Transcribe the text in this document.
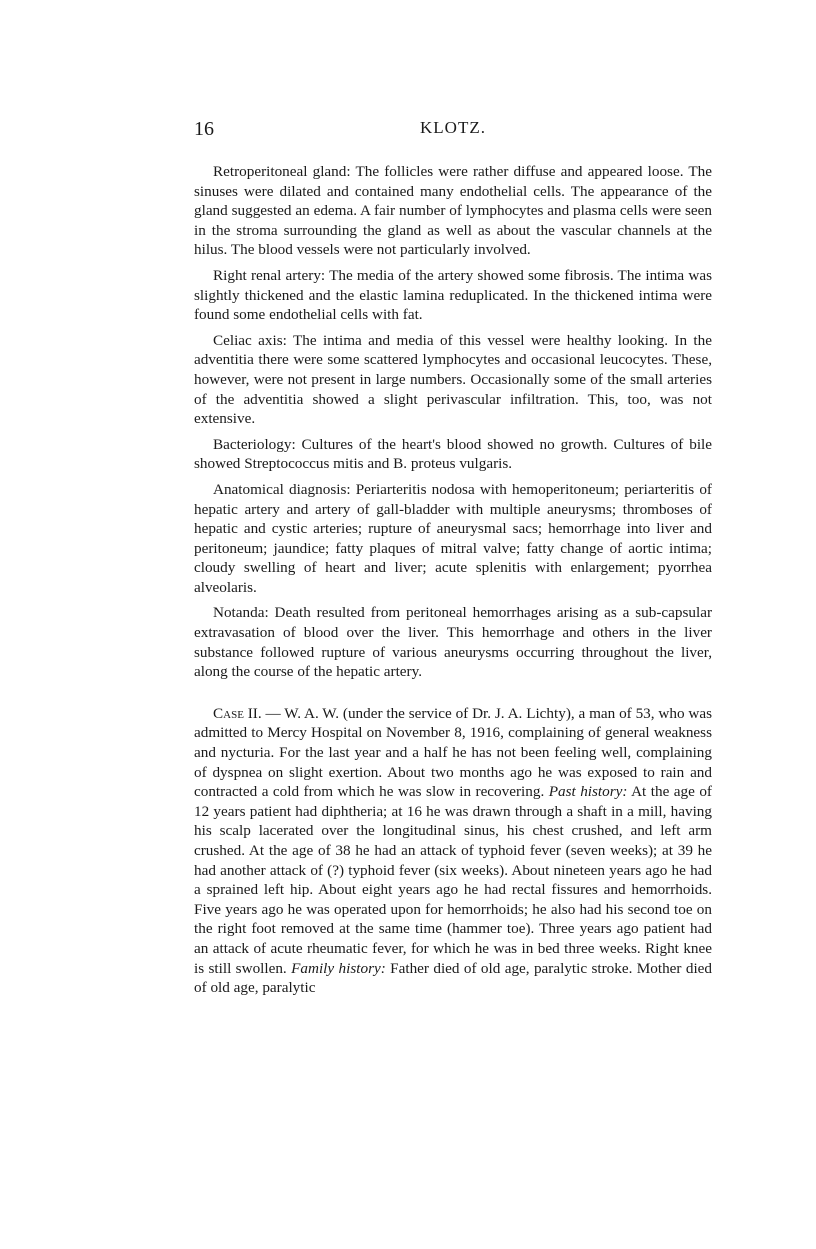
16	KLOTZ.

Retroperitoneal gland: The follicles were rather diffuse and appeared loose. The sinuses were dilated and contained many endothelial cells. The appearance of the gland suggested an edema. A fair number of lymphocytes and plasma cells were seen in the stroma surrounding the gland as well as about the vascular channels at the hilus. The blood vessels were not particularly involved.

Right renal artery: The media of the artery showed some fibrosis. The intima was slightly thickened and the elastic lamina reduplicated. In the thickened intima were found some endothelial cells with fat.

Celiac axis: The intima and media of this vessel were healthy looking. In the adventitia there were some scattered lymphocytes and occasional leucocytes. These, however, were not present in large numbers. Occasionally some of the small arteries of the adventitia showed a slight perivascular infiltration. This, too, was not extensive.

Bacteriology: Cultures of the heart's blood showed no growth. Cultures of bile showed Streptococcus mitis and B. proteus vulgaris.

Anatomical diagnosis: Periarteritis nodosa with hemoperitoneum; periarteritis of hepatic artery and artery of gall-bladder with multiple aneurysms; thromboses of hepatic and cystic arteries; rupture of aneurysmal sacs; hemorrhage into liver and peritoneum; jaundice; fatty plaques of mitral valve; fatty change of aortic intima; cloudy swelling of heart and liver; acute splenitis with enlargement; pyorrhea alveolaris.

Notanda: Death resulted from peritoneal hemorrhages arising as a sub-capsular extravasation of blood over the liver. This hemorrhage and others in the liver substance followed rupture of various aneurysms occurring throughout the liver, along the course of the hepatic artery.

Case II. — W. A. W. (under the service of Dr. J. A. Lichty), a man of 53, who was admitted to Mercy Hospital on November 8, 1916, complaining of general weakness and nycturia. For the last year and a half he has not been feeling well, complaining of dyspnea on slight exertion. About two months ago he was exposed to rain and contracted a cold from which he was slow in recovering. Past history: At the age of 12 years patient had diphtheria; at 16 he was drawn through a shaft in a mill, having his scalp lacerated over the longitudinal sinus, his chest crushed, and left arm crushed. At the age of 38 he had an attack of typhoid fever (seven weeks); at 39 he had another attack of (?) typhoid fever (six weeks). About nineteen years ago he had a sprained left hip. About eight years ago he had rectal fissures and hemorrhoids. Five years ago he was operated upon for hemorrhoids; he also had his second toe on the right foot removed at the same time (hammer toe). Three years ago patient had an attack of acute rheumatic fever, for which he was in bed three weeks. Right knee is still swollen. Family history: Father died of old age, paralytic stroke. Mother died of old age, paralytic
